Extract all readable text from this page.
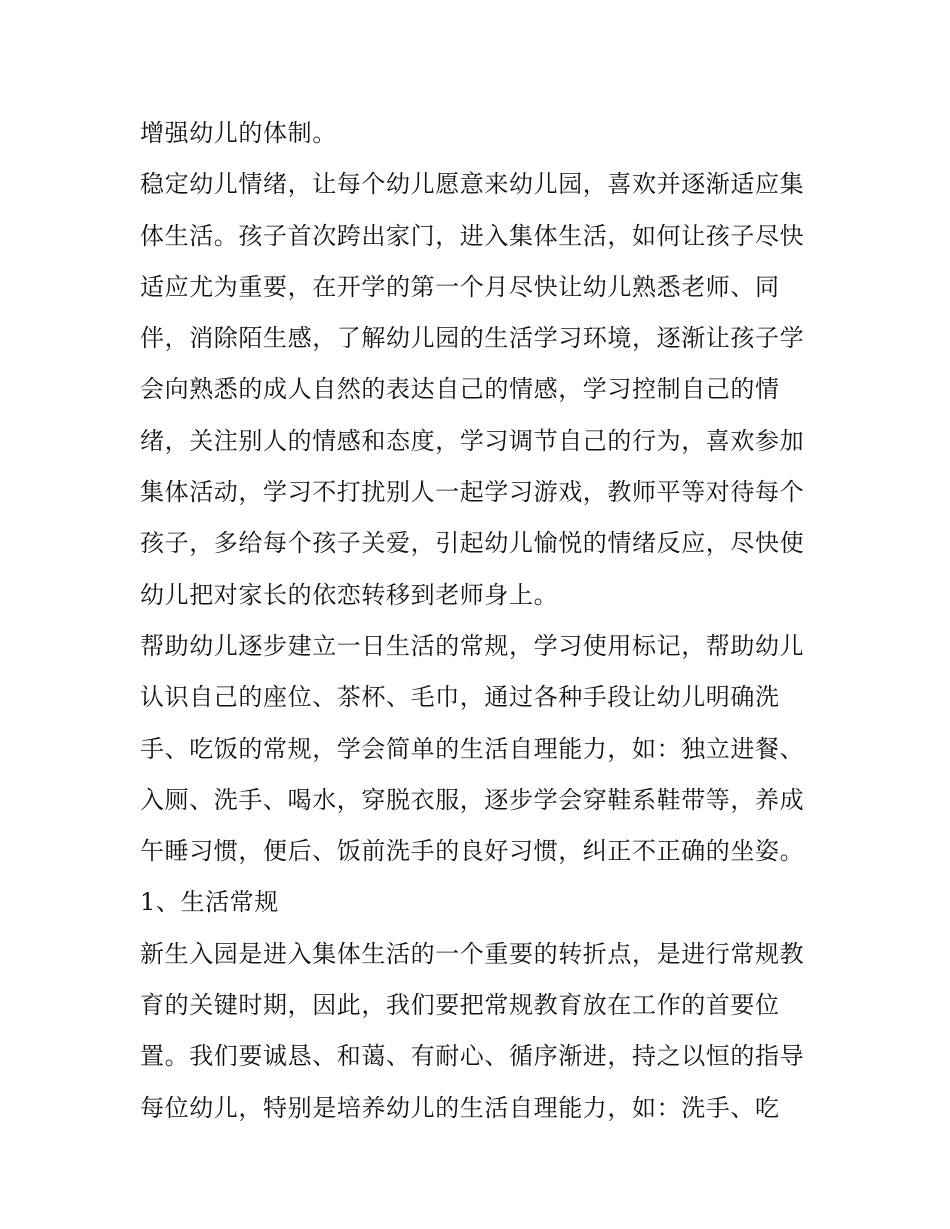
增强幼儿的体制。
稳定幼儿情绪，让每个幼儿愿意来幼儿园，喜欢并逐渐适应集
体生活。孩子首次跨出家门，进入集体生活，如何让孩子尽快
适应尤为重要，在开学的第一个月尽快让幼儿熟悉老师、同
伴，消除陌生感，了解幼儿园的生活学习环境，逐渐让孩子学
会向熟悉的成人自然的表达自己的情感，学习控制自己的情
绪，关注别人的情感和态度，学习调节自己的行为，喜欢参加
集体活动，学习不打扰别人一起学习游戏，教师平等对待每个
孩子，多给每个孩子关爱，引起幼儿愉悦的情绪反应，尽快使
幼儿把对家长的依恋转移到老师身上。
帮助幼儿逐步建立一日生活的常规，学习使用标记，帮助幼儿
认识自己的座位、茶杯、毛巾，通过各种手段让幼儿明确洗
手、吃饭的常规，学会简单的生活自理能力，如：独立进餐、
入厕、洗手、喝水，穿脱衣服，逐步学会穿鞋系鞋带等，养成
午睡习惯，便后、饭前洗手的良好习惯，纠正不正确的坐姿。
1、生活常规
新生入园是进入集体生活的一个重要的转折点，是进行常规教
育的关键时期，因此，我们要把常规教育放在工作的首要位
置。我们要诚恳、和蔼、有耐心、循序渐进，持之以恒的指导
每位幼儿，特别是培养幼儿的生活自理能力，如：洗手、吃
